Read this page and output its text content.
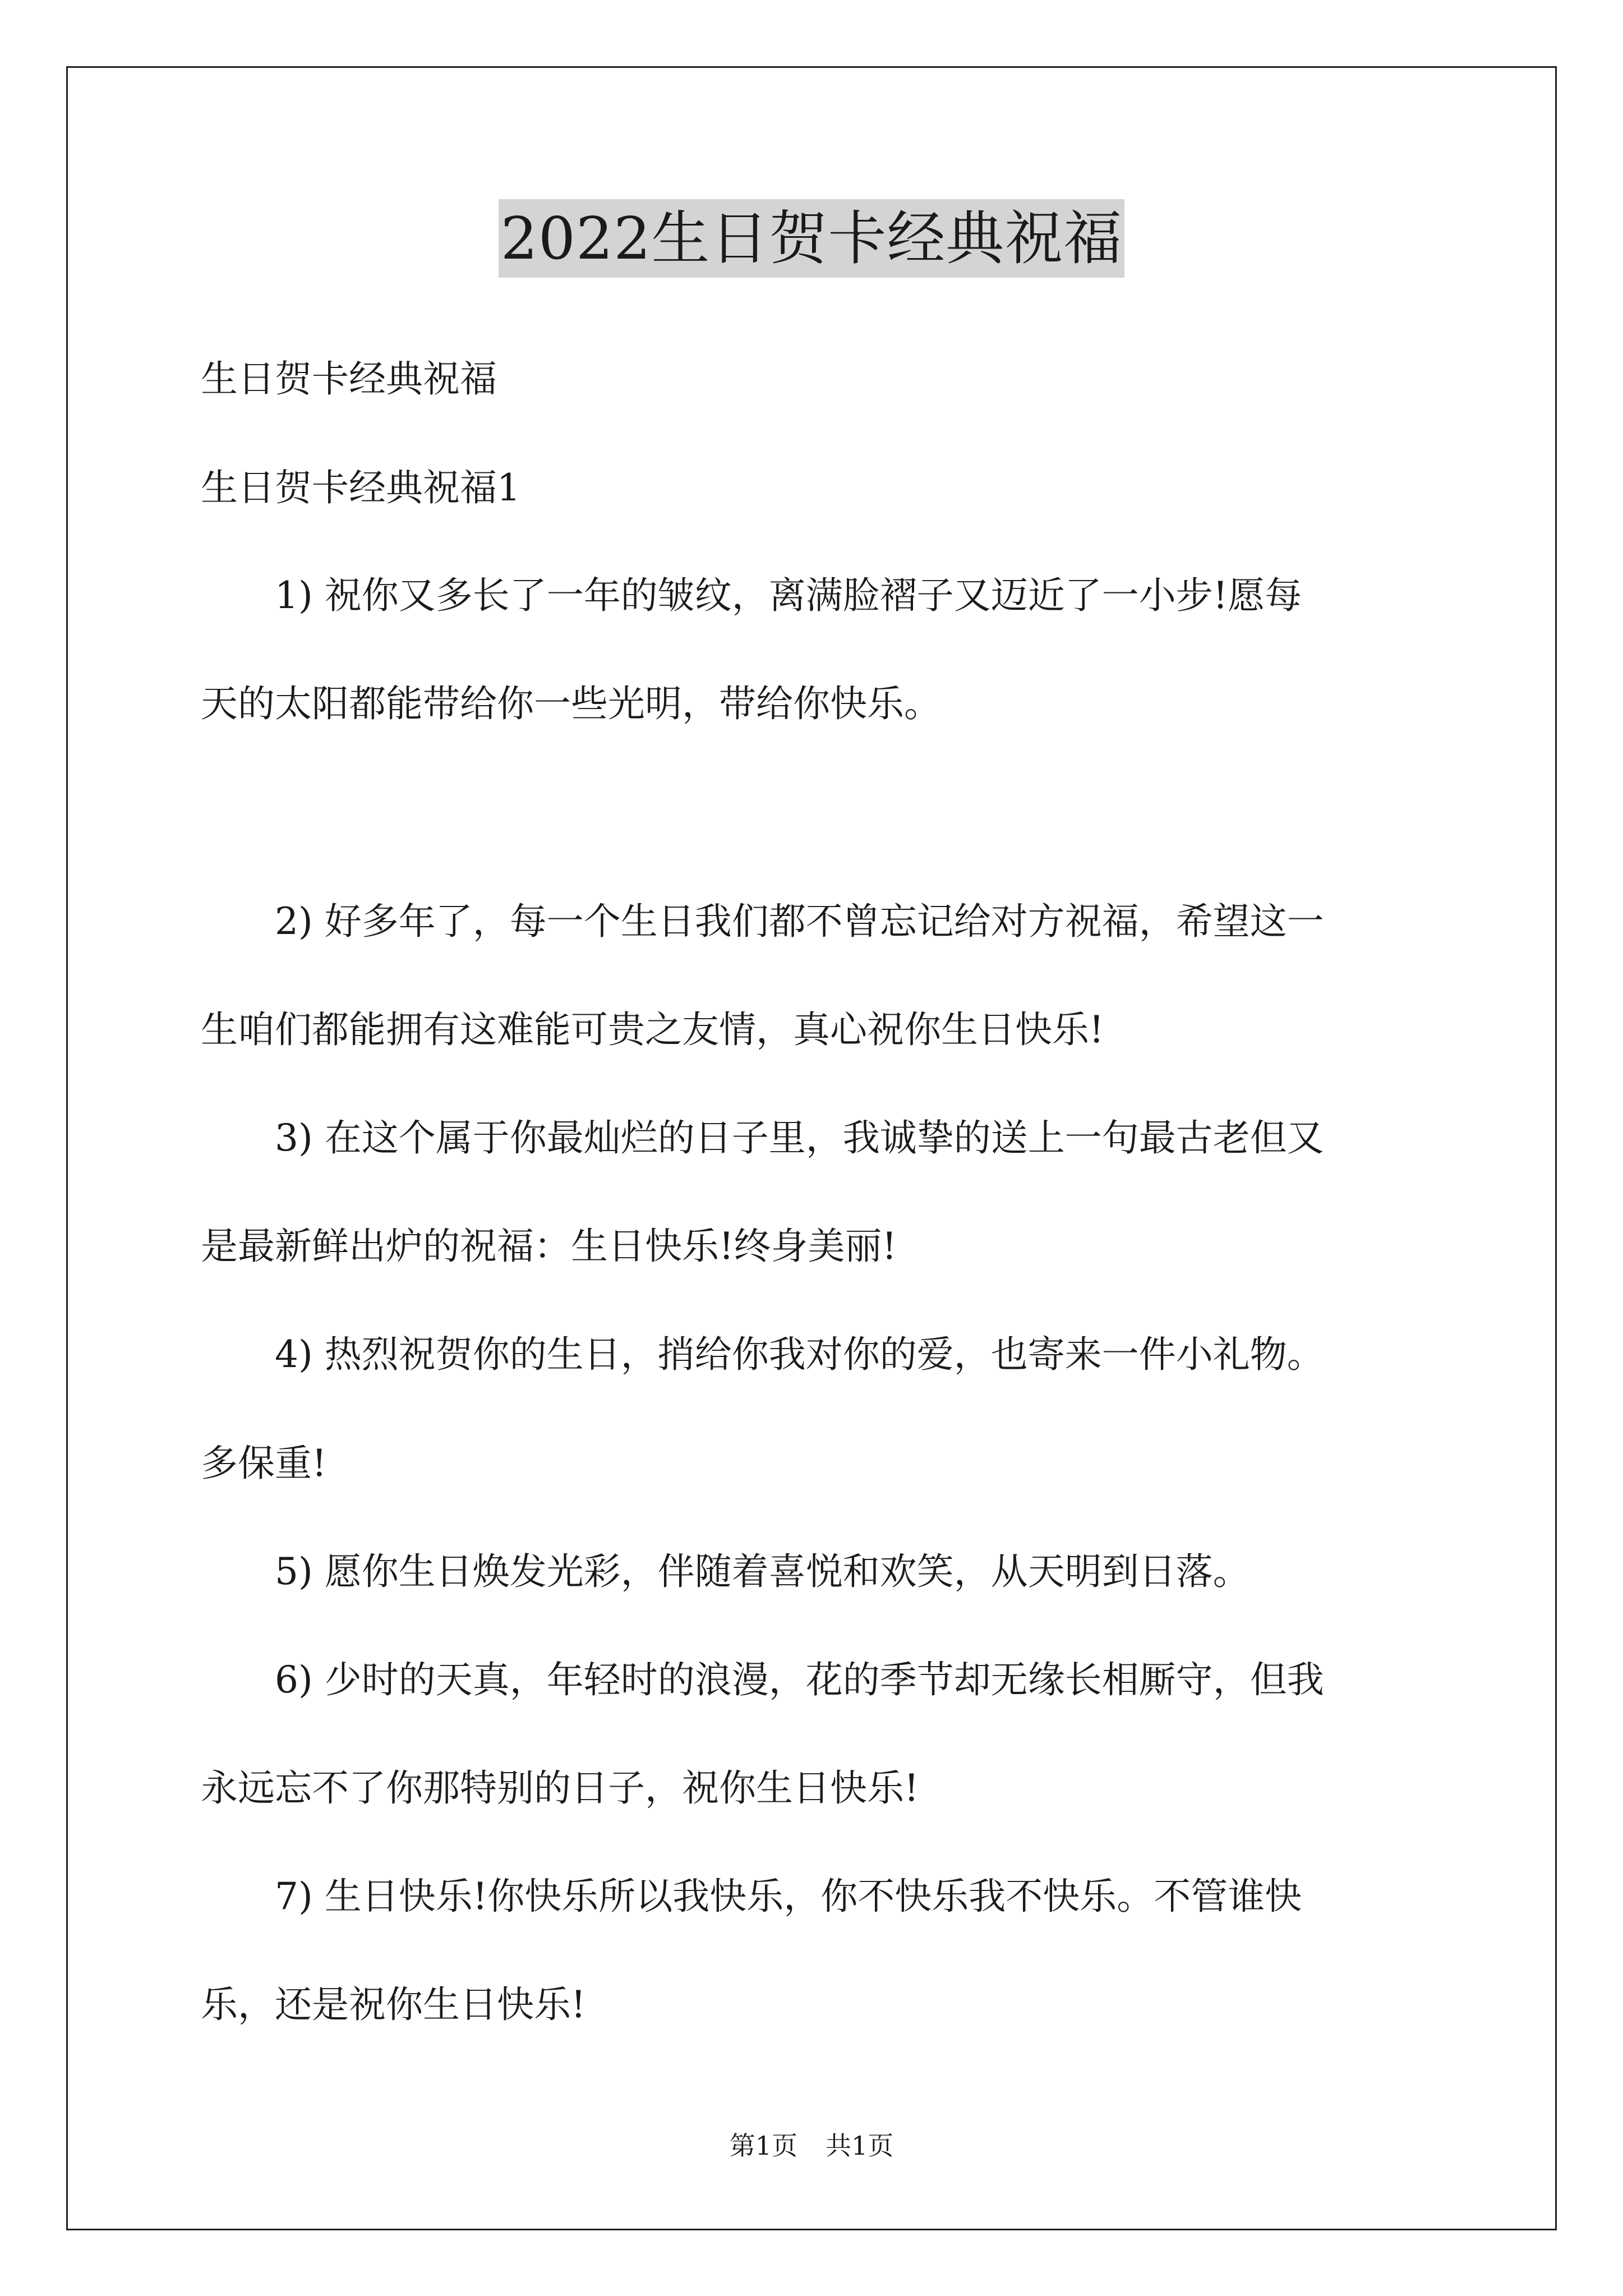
2022生日贺卡经典祝福
生日贺卡经典祝福
生日贺卡经典祝福1
　　1) 祝你又多长了一年的皱纹，离满脸褶子又迈近了一小步!愿每
天的太阳都能带给你一些光明，带给你快乐。
　　2) 好多年了，每一个生日我们都不曾忘记给对方祝福，希望这一
生咱们都能拥有这难能可贵之友情，真心祝你生日快乐!
　　3) 在这个属于你最灿烂的日子里，我诚挚的送上一句最古老但又
是最新鲜出炉的祝福：生日快乐!终身美丽!
　　4) 热烈祝贺你的生日，捎给你我对你的爱，也寄来一件小礼物。
多保重!
　　5) 愿你生日焕发光彩，伴随着喜悦和欢笑，从天明到日落。
　　6) 少时的天真，年轻时的浪漫，花的季节却无缘长相厮守，但我
永远忘不了你那特别的日子，祝你生日快乐!
　　7) 生日快乐!你快乐所以我快乐，你不快乐我不快乐。不管谁快
乐，还是祝你生日快乐!
第1页 共1页
